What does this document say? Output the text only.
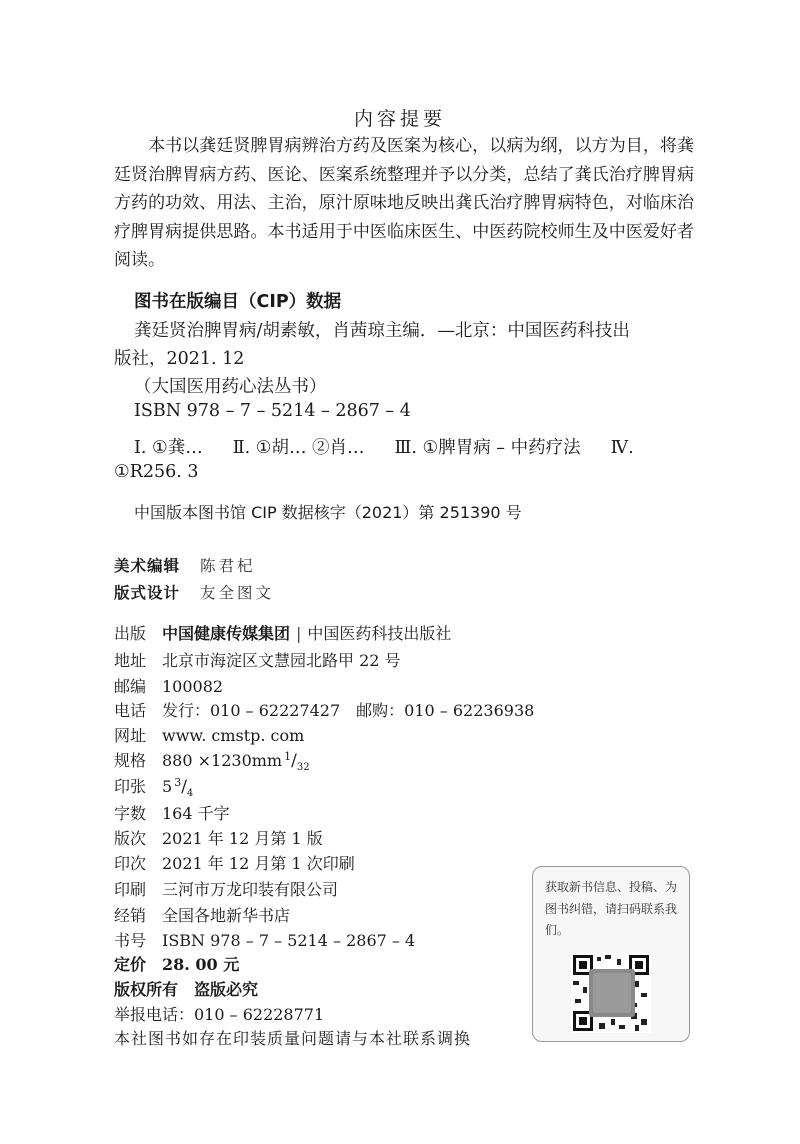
内容提要
本书以龚廷贤脾胃病辨治方药及医案为核心，以病为纲，以方为目，将龚廷贤治脾胃病方药、医论、医案系统整理并予以分类，总结了龚氏治疗脾胃病方药的功效、用法、主治，原汁原味地反映出龚氏治疗脾胃病特色，对临床治疗脾胃病提供思路。本书适用于中医临床医生、中医药院校师生及中医爱好者阅读。
图书在版编目（CIP）数据
龚廷贤治脾胃病/胡素敏，肖茜琼主编．—北京：中国医药科技出
版社，2021. 12
（大国医用药心法丛书）
ISBN 978 – 7 – 5214 – 2867 – 4
Ⅰ. ①龚… Ⅱ. ①胡… ②肖… Ⅲ. ①脾胃病 – 中药疗法 Ⅳ.
①R256. 3
中国版本图书馆 CIP 数据核字（2021）第 251390 号
美术编辑 陈君杞
版式设计 友全图文
出版 中国健康传媒集团 | 中国医药科技出版社
地址 北京市海淀区文慧园北路甲 22 号
邮编 100082
电话 发行：010 – 62227427　邮购：010 – 62236938
网址 www. cmstp. com
规格 880 ×1230mm $^1/_{32}$
印张 5 $^3/_4$
字数 164 千字
版次 2021 年 12 月第 1 版
印次 2021 年 12 月第 1 次印刷
印刷 三河市万龙印装有限公司
经销 全国各地新华书店
书号 ISBN 978 – 7 – 5214 – 2867 – 4
定价 28. 00 元
版权所有 盗版必究
举报电话：010 – 62228771
本社图书如存在印装质量问题请与本社联系调换
获取新书信息、投稿、为图书纠错，请扫码联系我们。
